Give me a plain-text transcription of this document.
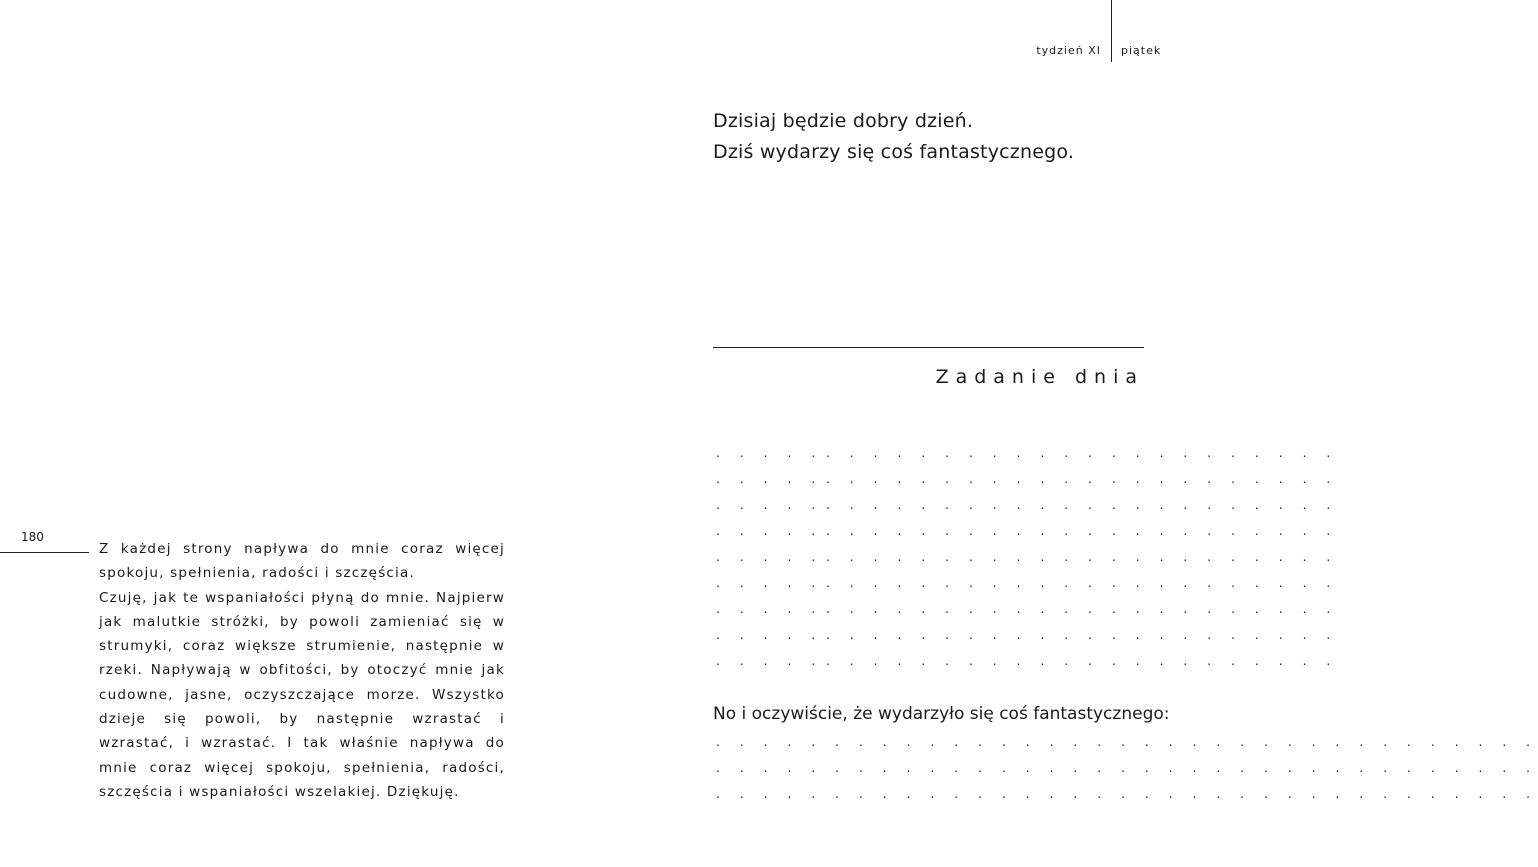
tydzień XI piątek
Dzisiaj będzie dobry dzień.
Dziś wydarzy się coś fantastycznego.
Zadanie dnia
. . . . . . . . . . . . . . . . . . . . . . . . . . .
. . . . . . . . . . . . . . . . . . . . . . . . . . .
. . . . . . . . . . . . . . . . . . . . . . . . . . .
. . . . . . . . . . . . . . . . . . . . . . . . . . .
. . . . . . . . . . . . . . . . . . . . . . . . . . .
. . . . . . . . . . . . . . . . . . . . . . . . . . .
. . . . . . . . . . . . . . . . . . . . . . . . . . .
. . . . . . . . . . . . . . . . . . . . . . . . . . .
. . . . . . . . . . . . . . . . . . . . . . . . . . .
No i oczywiście, że wydarzyło się coś fantastycznego:
. . . . . . . . . . . . . . . . . . . . . . . . . . . . . . . . . . .
. . . . . . . . . . . . . . . . . . . . . . . . . . . . . . . . . . .
. . . . . . . . . . . . . . . . . . . . . . . . . . . . . . . . . . .
180

Z każdej strony napływa do mnie coraz więcej spokoju, spełnienia, radości i szczęścia.

Czuję, jak te wspaniałości płyną do mnie. Najpierw jak malutkie stróżki, by powoli zamieniać się w strumyki, coraz większe strumienie, następnie w rzeki. Napływają w obfitości, by otoczyć mnie jak cudowne, jasne, oczyszczające morze. Wszystko dzieje się powoli, by następnie wzrastać i wzrastać, i wzrastać. I tak właśnie napływa do mnie coraz więcej spokoju, spełnienia, radości, szczęścia i wspaniałości wszelakiej. Dziękuję.
